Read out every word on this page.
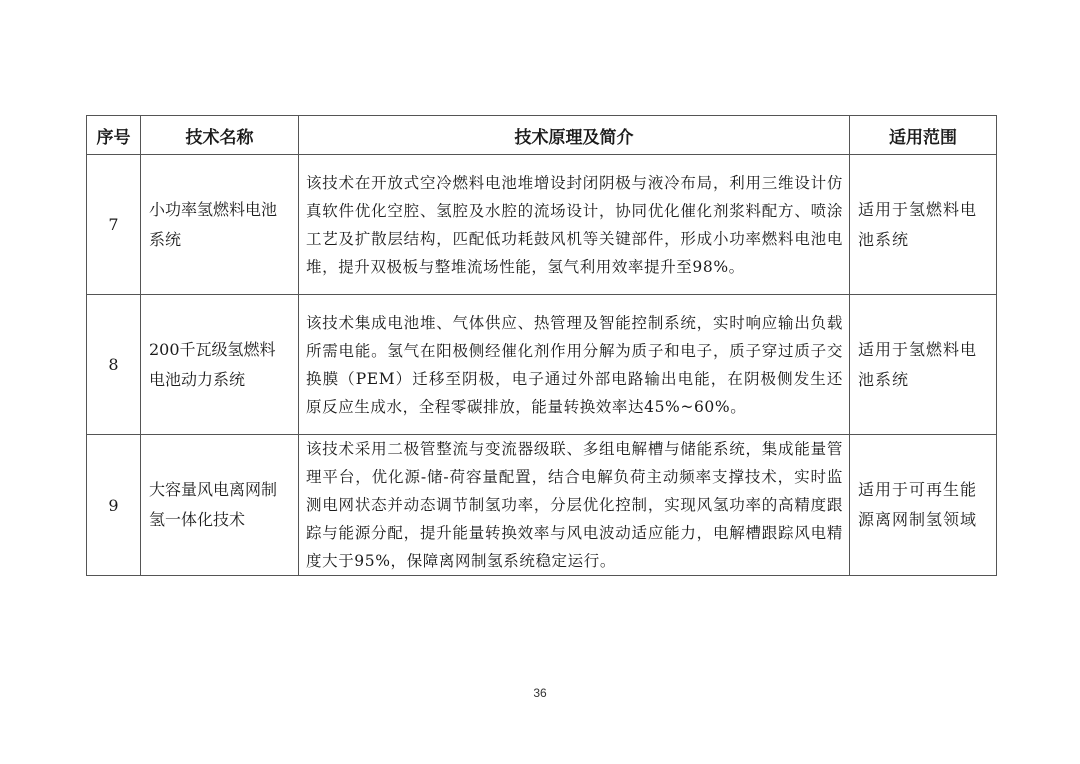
序号	技术名称	技术原理及简介	适用范围
7	小功率氢燃料电池系统	该技术在开放式空冷燃料电池堆增设封闭阴极与液冷布局，利用三维设计仿真软件优化空腔、氢腔及水腔的流场设计，协同优化催化剂浆料配方、喷涂工艺及扩散层结构，匹配低功耗鼓风机等关键部件，形成小功率燃料电池电堆，提升双极板与整堆流场性能，氢气利用效率提升至98%。	适用于氢燃料电池系统
8	200千瓦级氢燃料电池动力系统	该技术集成电池堆、气体供应、热管理及智能控制系统，实时响应输出负载所需电能。氢气在阳极侧经催化剂作用分解为质子和电子，质子穿过质子交换膜（PEM）迁移至阴极，电子通过外部电路输出电能，在阴极侧发生还原反应生成水，全程零碳排放，能量转换效率达45%~60%。	适用于氢燃料电池系统
9	大容量风电离网制氢一体化技术	该技术采用二极管整流与变流器级联、多组电解槽与储能系统，集成能量管理平台，优化源-储-荷容量配置，结合电解负荷主动频率支撑技术，实时监测电网状态并动态调节制氢功率，分层优化控制，实现风氢功率的高精度跟踪与能源分配，提升能量转换效率与风电波动适应能力，电解槽跟踪风电精度大于95%，保障离网制氢系统稳定运行。	适用于可再生能源离网制氢领域
36
